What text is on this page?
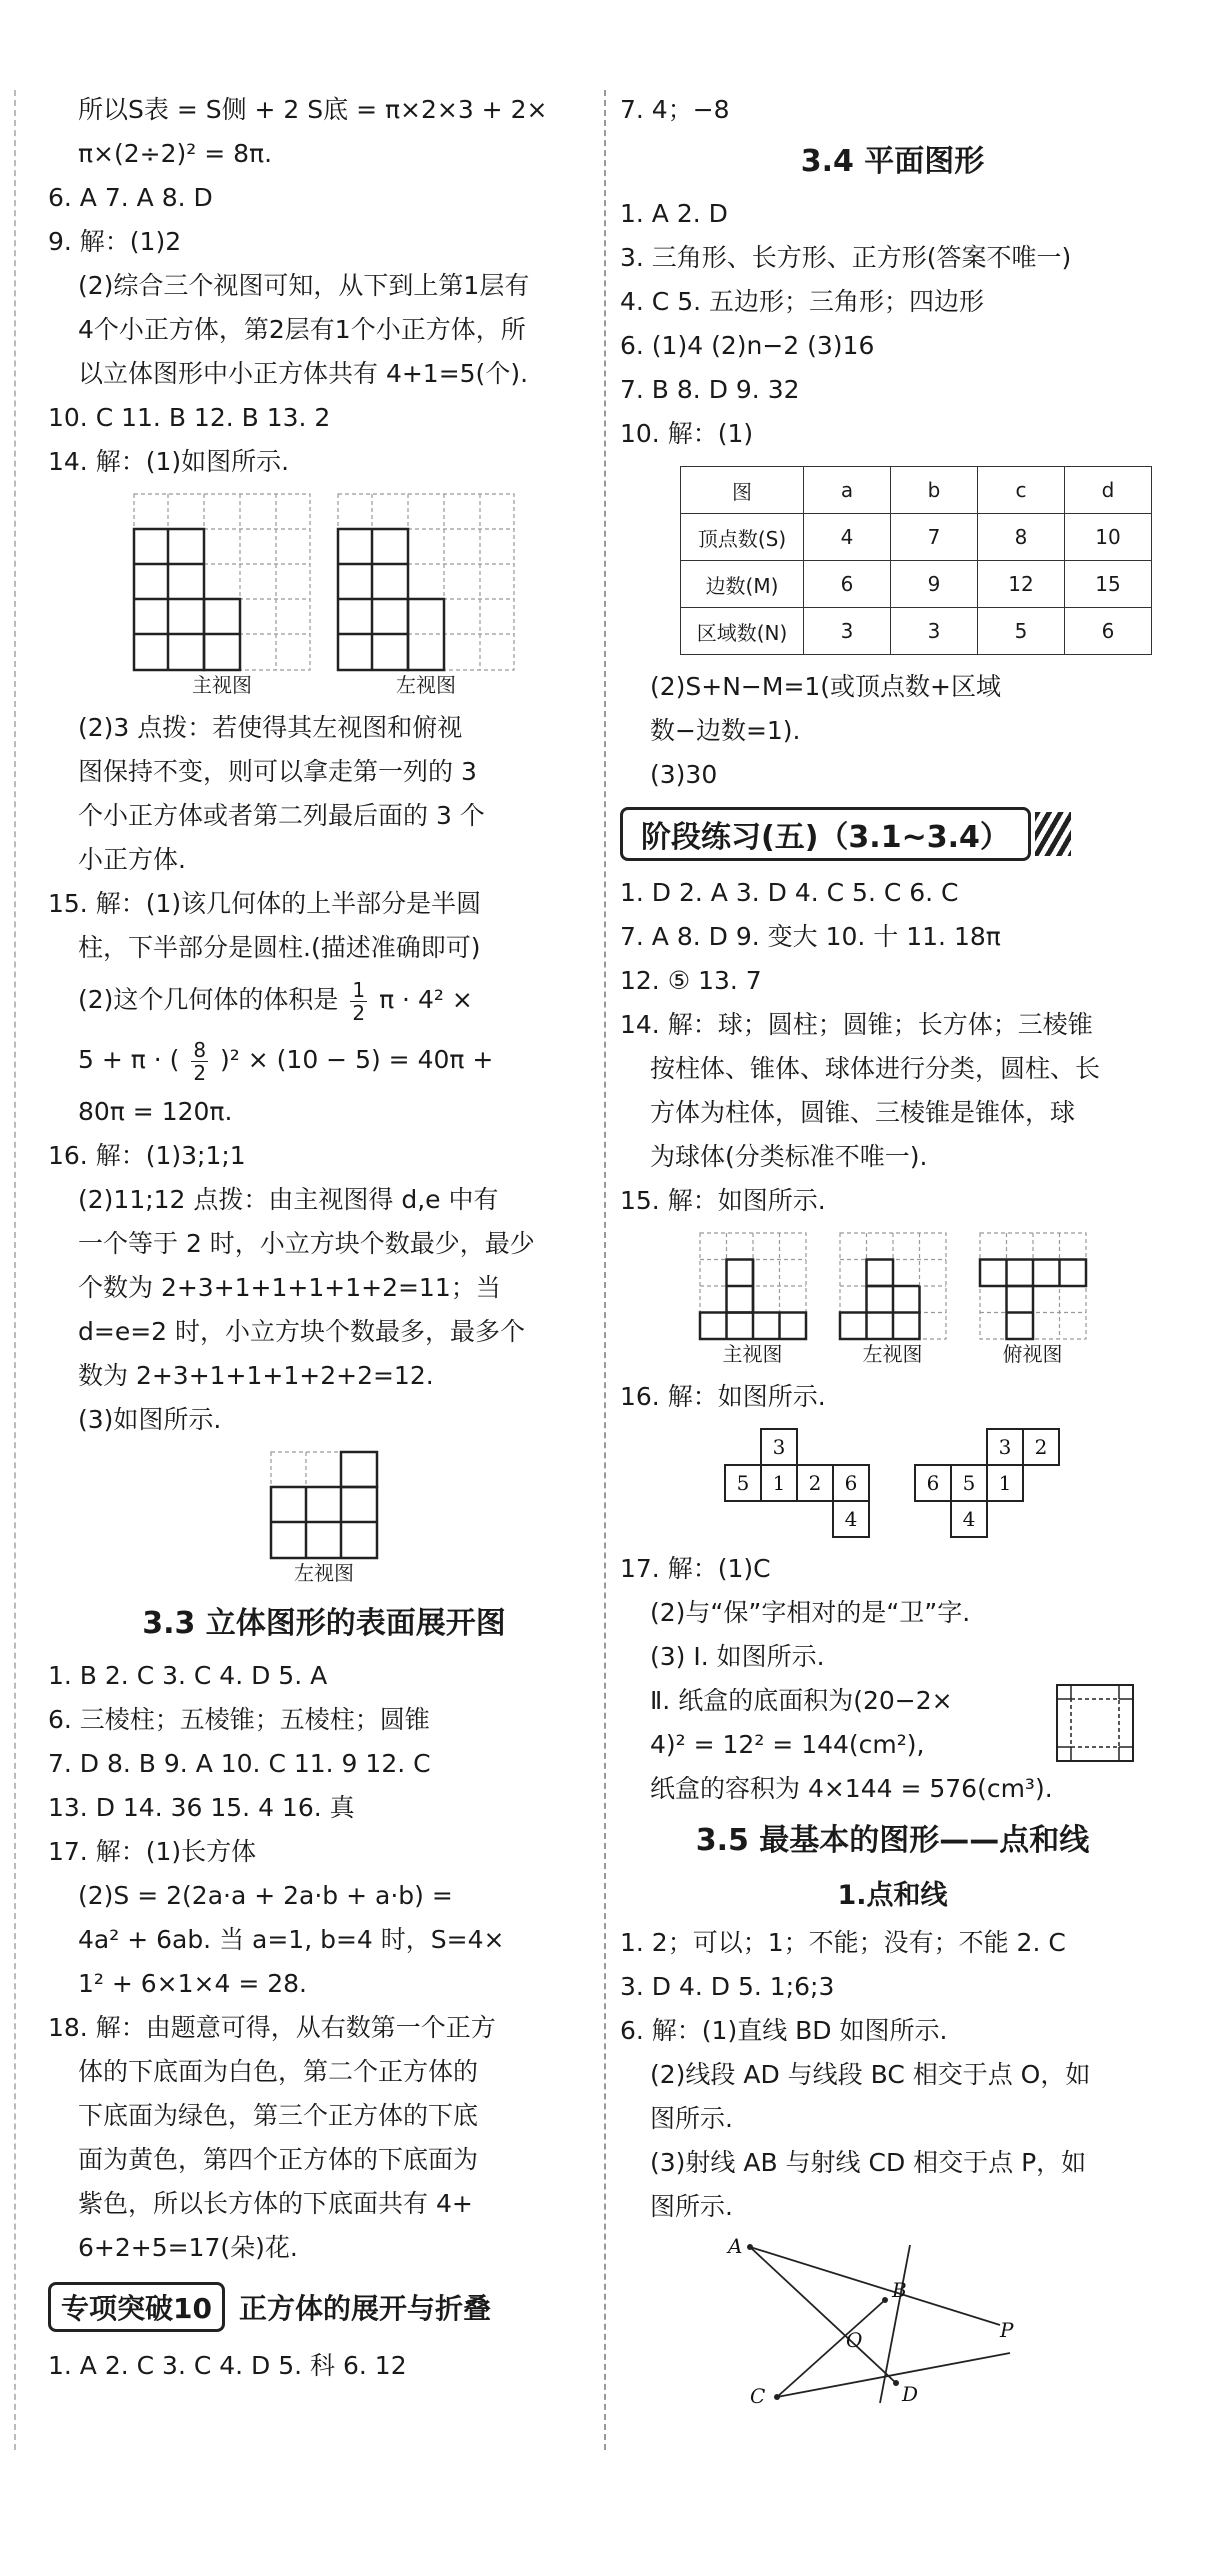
所以S表 = S侧 + 2 S底 = π×2×3 + 2×
π×(2÷2)² = 8π.
6. A 7. A 8. D
9. 解：(1)2
(2)综合三个视图可知，从下到上第1层有
4个小正方体，第2层有1个小正方体，所
以立体图形中小正方体共有 4+1=5(个).
10. C 11. B 12. B 13. 2
14. 解：(1)如图所示.
主视图	左视图
(2)3 点拨：若使得其左视图和俯视
图保持不变，则可以拿走第一列的 3
个小正方体或者第二列最后面的 3 个
小正方体.
15. 解：(1)该几何体的上半部分是半圆
柱，下半部分是圆柱.(描述准确即可)
(2)这个几何体的体积是 $\frac{1}{2}$ π · 4² ×
5 + π · ( $\frac{8}{2} )^2 \times (10 - 5) = 40\pi$ +
80π = 120π.
16. 解：(1)3;1;1
(2)11;12 点拨：由主视图得 d,e 中有
一个等于 2 时，小立方块个数最少，最少
个数为 2+3+1+1+1+1+2=11；当
d=e=2 时，小立方块个数最多，最多个
数为 2+3+1+1+1+2+2=12.
(3)如图所示.
左视图
3.3 立体图形的表面展开图
1. B 2. C 3. C 4. D 5. A
6. 三棱柱；五棱锥；五棱柱；圆锥
7. D 8. B 9. A 10. C 11. 9 12. C
13. D 14. 36 15. 4 16. 真
17. 解：(1)长方体
(2)S = 2(2a·a + 2a·b + a·b) =
4a² + 6ab. 当 a=1, b=4 时，S=4×
1² + 6×1×4 = 28.
18. 解：由题意可得，从右数第一个正方
体的下底面为白色，第二个正方体的
下底面为绿色，第三个正方体的下底
面为黄色，第四个正方体的下底面为
紫色，所以长方体的下底面共有 4+
6+2+5=17(朵)花.
专项突破10 正方体的展开与折叠
1. A 2. C 3. C 4. D 5. 科 6. 12
7. 4；−8
3.4 平面图形
1. A 2. D
3. 三角形、长方形、正方形(答案不唯一)
4. C 5. 五边形；三角形；四边形
6. (1)4 (2)n−2 (3)16
7. B 8. D 9. 32
10. 解：(1)
图	a	b	c	d
顶点数(S)	4	7	8	10
边数(M)	6	9	12	15
区域数(N)	3	3	5	6
(2)S+N−M=1(或顶点数+区域
数−边数=1).
(3)30
阶段练习(五)（3.1~3.4）
1. D 2. A 3. D 4. C 5. C 6. C
7. A 8. D 9. 变大 10. 十 11. 18π
12. ⑤ 13. 7
14. 解：球；圆柱；圆锥；长方体；三棱锥
按柱体、锥体、球体进行分类，圆柱、长
方体为柱体，圆锥、三棱锥是锥体，球
为球体(分类标准不唯一).
15. 解：如图所示.
主视图	左视图	俯视图
16. 解：如图所示.
3
5 1 2 6
4
3 2
6 5 1
4
17. 解：(1)C
(2)与“保”字相对的是“卫”字.
(3) Ⅰ. 如图所示.
Ⅱ. 纸盒的底面积为(20−2×
4)² = 12² = 144(cm²),
纸盒的容积为 4×144 = 576(cm³).
3.5 最基本的图形——点和线
1.点和线
1. 2；可以；1；不能；没有；不能 2. C
3. D 4. D 5. 1;6;3
6. 解：(1)直线 BD 如图所示.
(2)线段 AD 与线段 BC 相交于点 O，如
图所示.
(3)射线 AB 与射线 CD 相交于点 P，如
图所示.
A
B
O	P
C	D
